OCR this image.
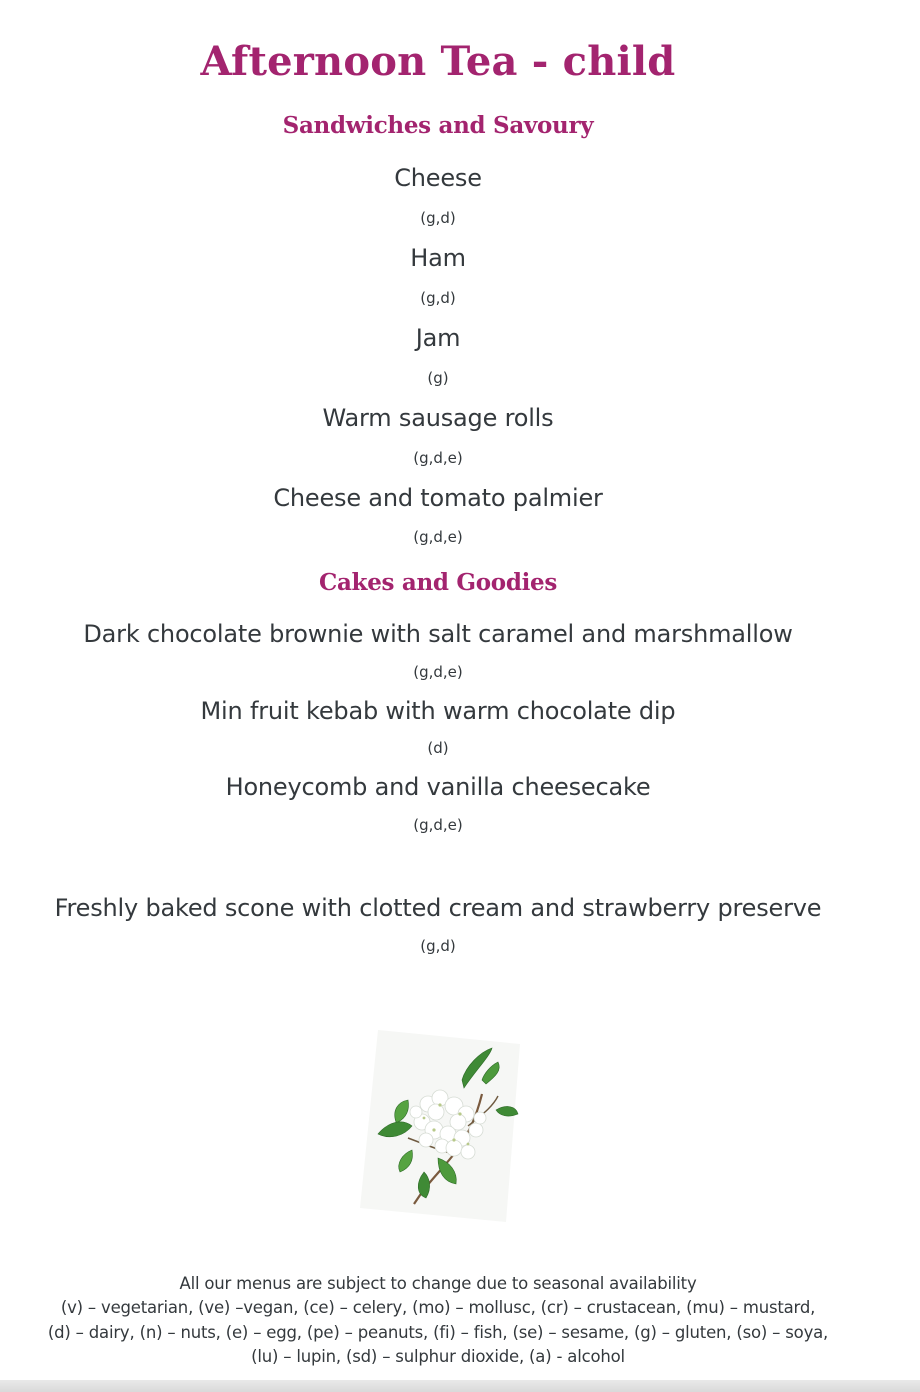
Afternoon Tea - child
Sandwiches and Savoury
Cheese
(g,d)
Ham
(g,d)
Jam
(g)
Warm sausage rolls
(g,d,e)
Cheese and tomato palmier
(g,d,e)
Cakes and Goodies
Dark chocolate brownie with salt caramel and marshmallow
(g,d,e)
Min fruit kebab with warm chocolate dip
(d)
Honeycomb and vanilla cheesecake
(g,d,e)
Freshly baked scone with clotted cream and strawberry preserve
(g,d)
All our menus are subject to change due to seasonal availability
(v) – vegetarian, (ve) –vegan, (ce) – celery, (mo) – mollusc, (cr) – crustacean, (mu) – mustard,
(d) – dairy, (n) – nuts, (e) – egg, (pe) – peanuts, (fi) – fish, (se) – sesame, (g) – gluten, (so) – soya,
(lu) – lupin, (sd) – sulphur dioxide, (a) - alcohol
